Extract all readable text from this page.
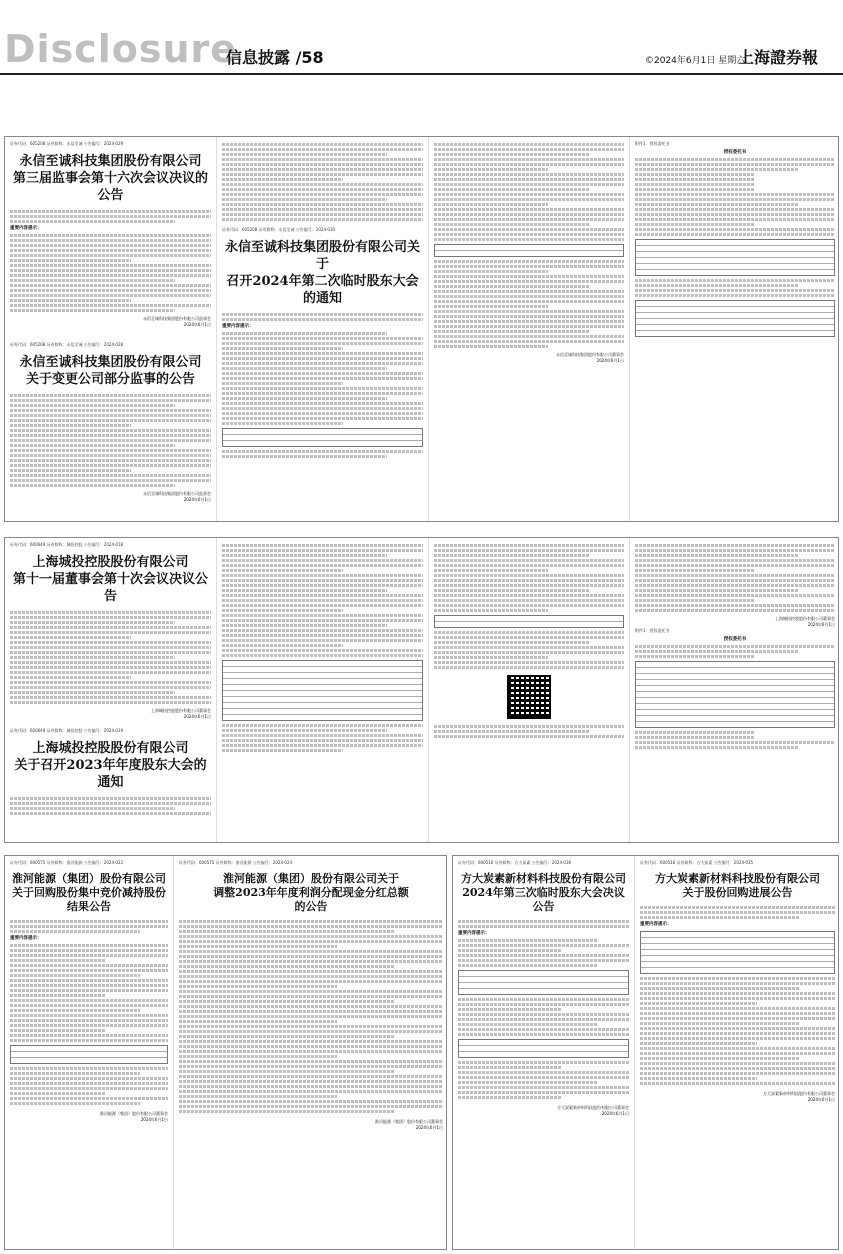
Disclosure
信息披露 /58	©2024年6月1日 星期六
上海證券報
证券代码：605208 证券简称：永信至诚 公告编号：2024-029
永信至诚科技集团股份有限公司
第三届监事会第十六次会议决议的公告
重要内容提示：
永信至诚科技集团股份有限公司监事会
2024年6月1日
证券代码：605208 证券简称：永信至诚 公告编号：2024-028
永信至诚科技集团股份有限公司
关于变更公司部分监事的公告
永信至诚科技集团股份有限公司监事会
2024年6月1日
证券代码：605208 证券简称：永信至诚 公告编号：2024-030
永信至诚科技集团股份有限公司关于
召开2024年第二次临时股东大会的通知
重要内容提示：
永信至诚科技集团股份有限公司董事会
2024年6月1日
附件1：授权委托书
授权委托书
证券代码：600649 证券简称：城投控股 公告编号：2024-018
上海城投控股股份有限公司
第十一届董事会第十次会议决议公告
上海城投控股股份有限公司董事会
2024年6月1日
证券代码：600649 证券简称：城投控股 公告编号：2024-019
上海城投控股股份有限公司
关于召开2023年年度股东大会的通知
上海城投控股股份有限公司董事会
2024年6月1日
附件1：授权委托书
授权委托书
证券代码：600575 证券简称：淮河能源 公告编号：2024-023
淮河能源（集团）股份有限公司
关于回购股份集中竞价减持股份结果公告
重要内容提示：
淮河能源（集团）股份有限公司董事会
2024年6月1日
证券代码：600575 证券简称：淮河能源 公告编号：2024-024
淮河能源（集团）股份有限公司关于
调整2023年年度利润分配现金分红总额
的公告
淮河能源（集团）股份有限公司董事会
2024年6月1日
证券代码：600516 证券简称：方大炭素 公告编号：2024-036
方大炭素新材料科技股份有限公司
2024年第三次临时股东大会决议公告
重要内容提示：
方大炭素新材料科技股份有限公司董事会
2024年6月1日
证券代码：600516 证券简称：方大炭素 公告编号：2024-035
方大炭素新材料科技股份有限公司
关于股份回购进展公告
重要内容提示：
方大炭素新材料科技股份有限公司董事会
2024年6月1日
